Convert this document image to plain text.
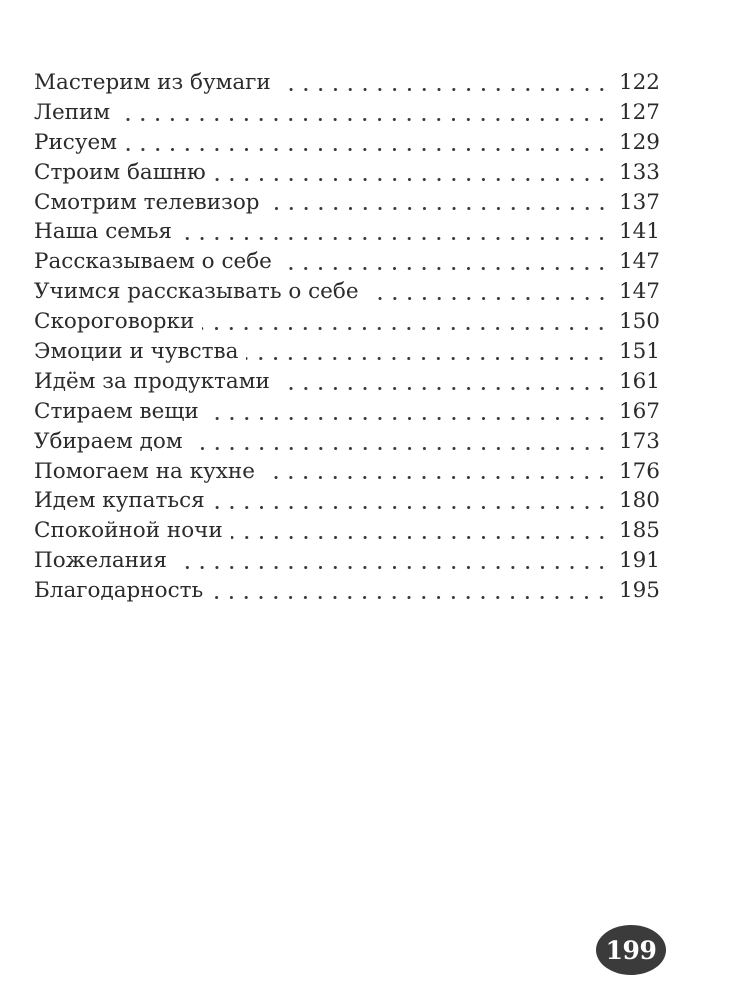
Мастерим из бумаги	122
Лепим	127
Рисуем	129
Строим башню	133
Смотрим телевизор	137
Наша семья	141
Рассказываем о себе	147
Учимся рассказывать о себе	147
Скороговорки	150
Эмоции и чувства	151
Идём за продуктами	161
Стираем вещи	167
Убираем дом	173
Помогаем на кухне	176
Идем купаться	180
Спокойной ночи	185
Пожелания	191
Благодарность	195
199
